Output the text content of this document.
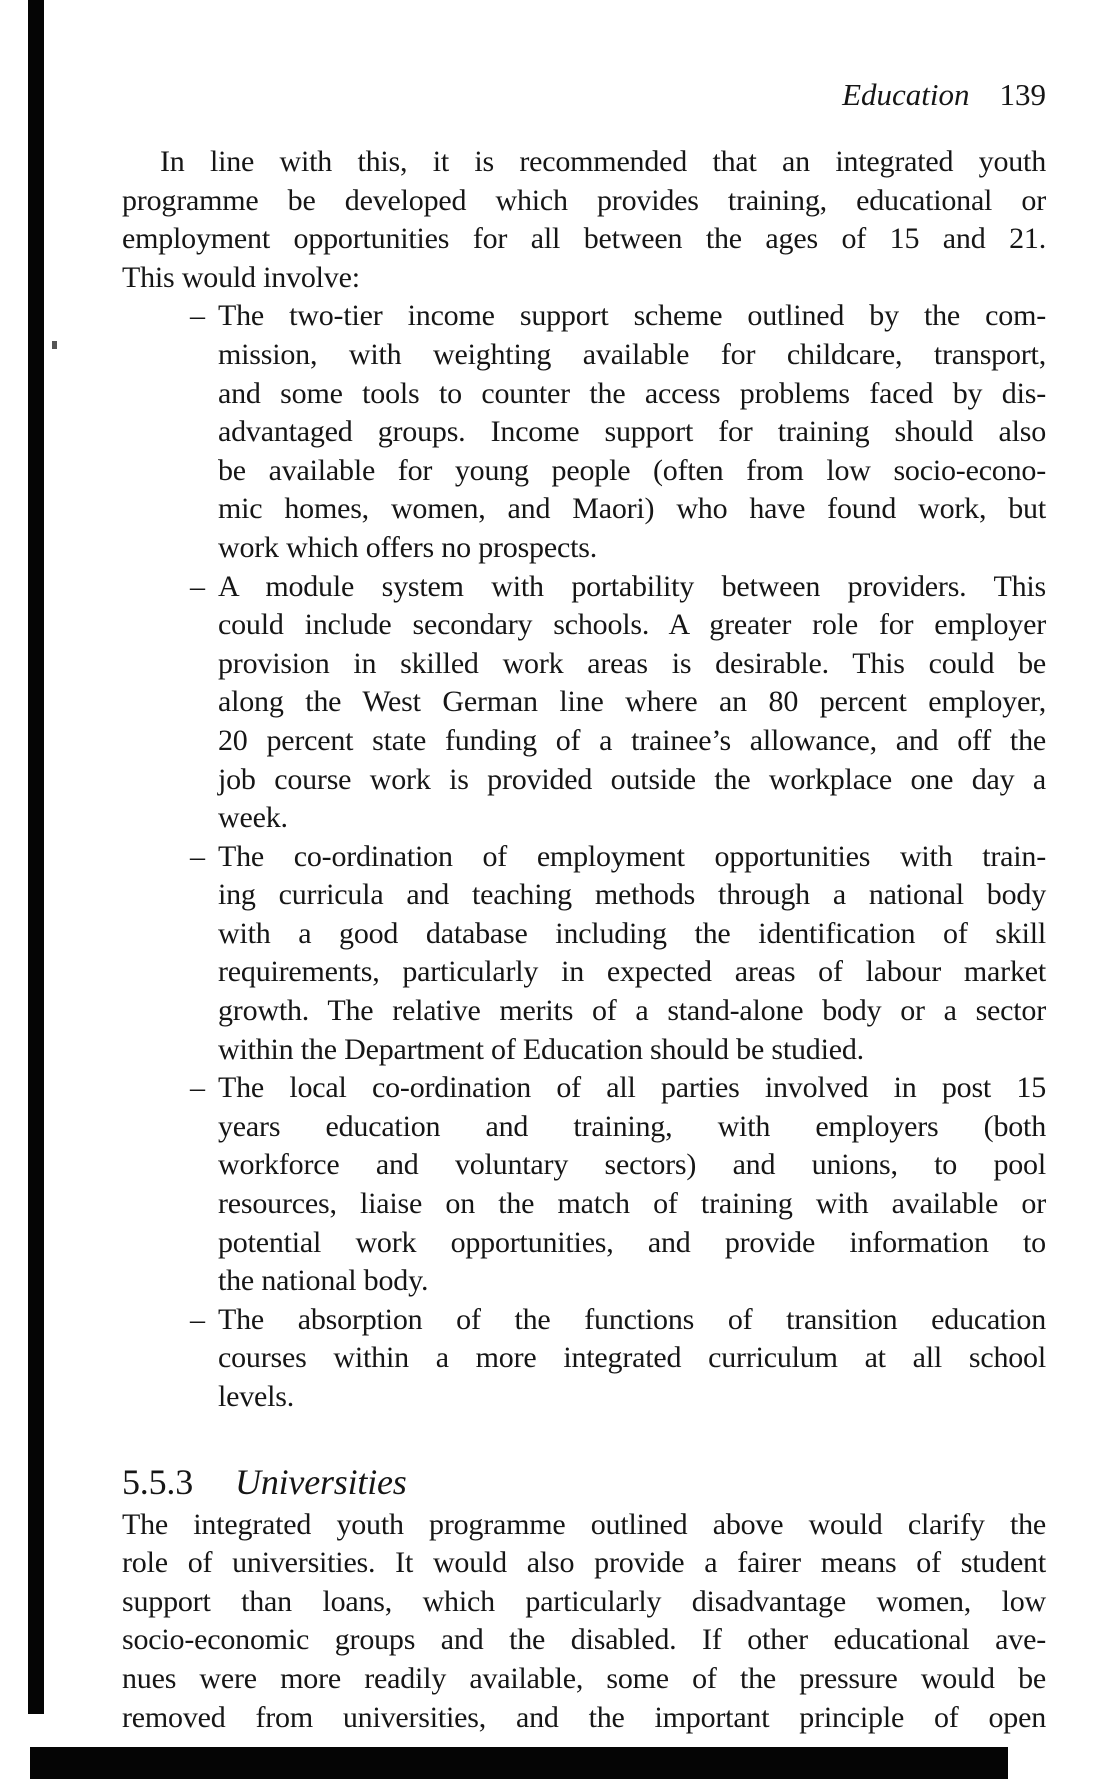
Education 139
In line with this, it is recommended that an integrated youth
programme be developed which provides training, educational or
employment opportunities for all between the ages of 15 and 21.
This would involve:
– The two-tier income support scheme outlined by the com-
mission, with weighting available for childcare, transport,
and some tools to counter the access problems faced by dis-
advantaged groups. Income support for training should also
be available for young people (often from low socio-econo-
mic homes, women, and Maori) who have found work, but
work which offers no prospects.
– A module system with portability between providers. This
could include secondary schools. A greater role for employer
provision in skilled work areas is desirable. This could be
along the West German line where an 80 percent employer,
20 percent state funding of a trainee’s allowance, and off the
job course work is provided outside the workplace one day a
week.
– The co-ordination of employment opportunities with train-
ing curricula and teaching methods through a national body
with a good database including the identification of skill
requirements, particularly in expected areas of labour market
growth. The relative merits of a stand-alone body or a sector
within the Department of Education should be studied.
– The local co-ordination of all parties involved in post 15
years education and training, with employers (both
workforce and voluntary sectors) and unions, to pool
resources, liaise on the match of training with available or
potential work opportunities, and provide information to
the national body.
– The absorption of the functions of transition education
courses within a more integrated curriculum at all school
levels.
5.5.3 Universities
The integrated youth programme outlined above would clarify the
role of universities. It would also provide a fairer means of student
support than loans, which particularly disadvantage women, low
socio-economic groups and the disabled. If other educational ave-
nues were more readily available, some of the pressure would be
removed from universities, and the important principle of open
